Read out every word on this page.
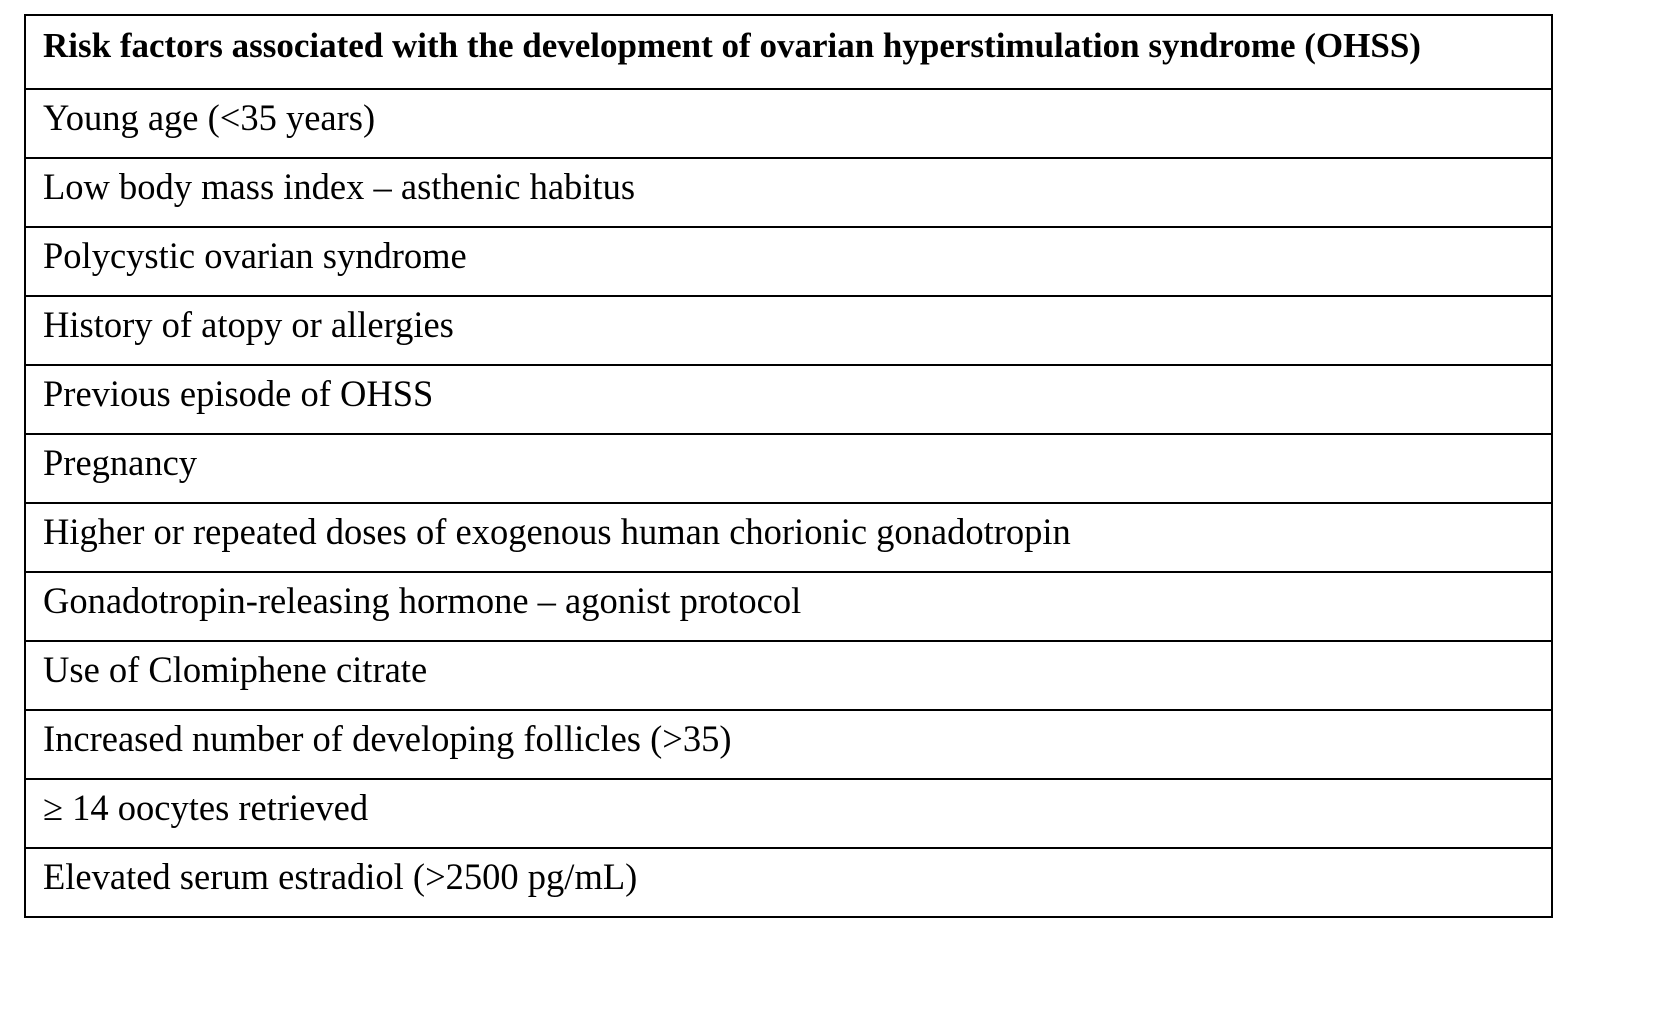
Risk factors associated with the development of ovarian hyperstimulation syndrome (OHSS)

Young age (<35 years)

Low body mass index – asthenic habitus

Polycystic ovarian syndrome

History of atopy or allergies

Previous episode of OHSS

Pregnancy

Higher or repeated doses of exogenous human chorionic gonadotropin

Gonadotropin-releasing hormone – agonist protocol

Use of Clomiphene citrate

Increased number of developing follicles (>35)

≥ 14 oocytes retrieved

Elevated serum estradiol (>2500 pg/mL)
